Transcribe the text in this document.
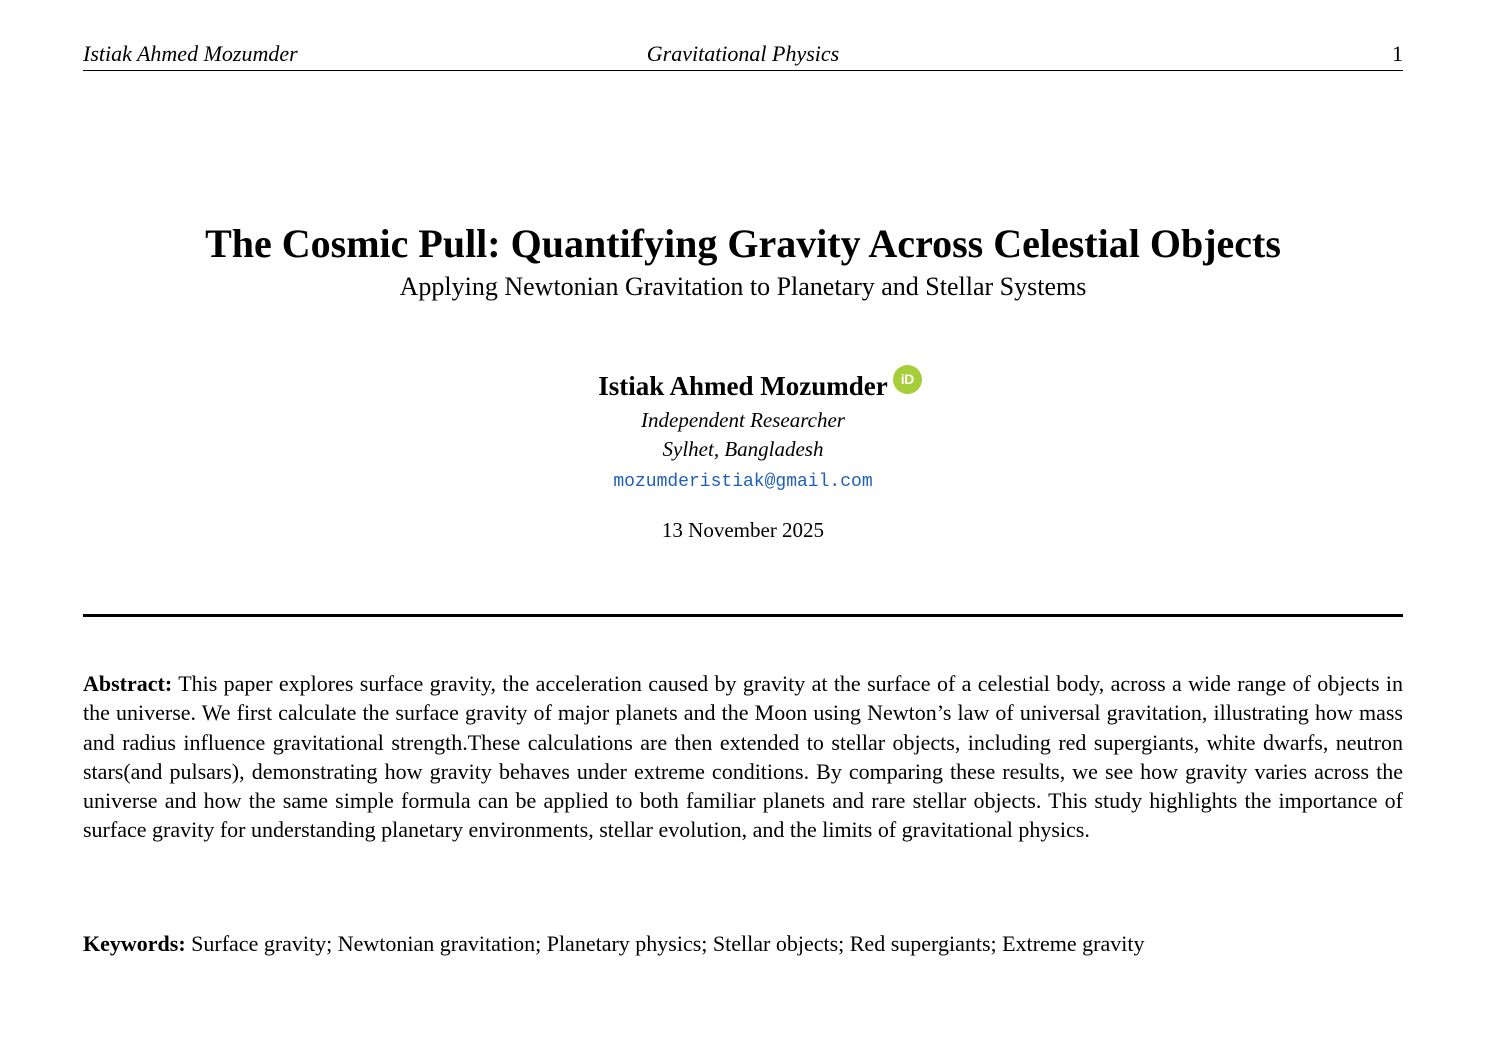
Istiak Ahmed Mozumder	Gravitational Physics	1
The Cosmic Pull: Quantifying Gravity Across Celestial Objects

Applying Newtonian Gravitation to Planetary and Stellar Systems

Istiak Ahmed Mozumder iD

Independent Researcher

Sylhet, Bangladesh

mozumderistiak@gmail.com
13 November 2025

Abstract: This paper explores surface gravity, the acceleration caused by gravity at the surface of a celestial body, across a wide range of objects in the universe. We first calculate the surface gravity of major planets and the Moon using Newton’s law of universal gravitation, illustrating how mass and radius influence gravitational strength.These calculations are then extended to stellar objects, including red supergiants, white dwarfs, neutron stars(and pulsars), demonstrating how gravity behaves under extreme conditions. By comparing these results, we see how gravity varies across the universe and how the same simple formula can be applied to both familiar planets and rare stellar objects. This study highlights the importance of surface gravity for understanding planetary environments, stellar evolution, and the limits of gravitational physics.

Keywords: Surface gravity; Newtonian gravitation; Planetary physics; Stellar objects; Red supergiants; Extreme gravity
